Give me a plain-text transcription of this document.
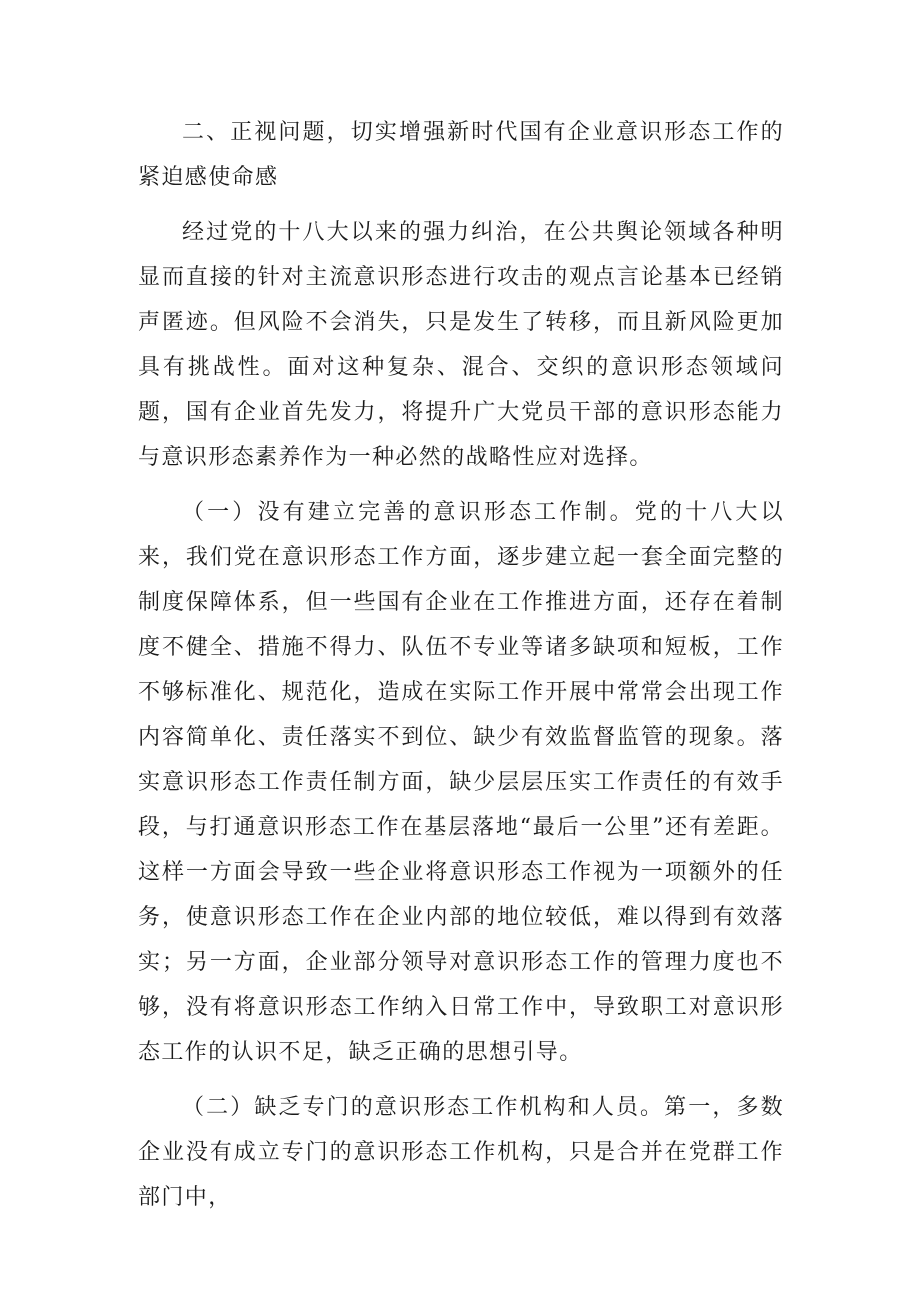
二、正视问题，切实增强新时代国有企业意识形态工作的紧迫感使命感

经过党的十八大以来的强力纠治，在公共舆论领域各种明显而直接的针对主流意识形态进行攻击的观点言论基本已经销声匿迹。但风险不会消失，只是发生了转移，而且新风险更加具有挑战性。面对这种复杂、混合、交织的意识形态领域问题，国有企业首先发力，将提升广大党员干部的意识形态能力与意识形态素养作为一种必然的战略性应对选择。

（一）没有建立完善的意识形态工作制。党的十八大以来，我们党在意识形态工作方面，逐步建立起一套全面完整的制度保障体系，但一些国有企业在工作推进方面，还存在着制度不健全、措施不得力、队伍不专业等诸多缺项和短板，工作不够标准化、规范化，造成在实际工作开展中常常会出现工作内容简单化、责任落实不到位、缺少有效监督监管的现象。落实意识形态工作责任制方面，缺少层层压实工作责任的有效手段，与打通意识形态工作在基层落地“最后一公里”还有差距。这样一方面会导致一些企业将意识形态工作视为一项额外的任务，使意识形态工作在企业内部的地位较低，难以得到有效落实；另一方面，企业部分领导对意识形态工作的管理力度也不够，没有将意识形态工作纳入日常工作中，导致职工对意识形态工作的认识不足，缺乏正确的思想引导。

（二）缺乏专门的意识形态工作机构和人员。第一，多数企业没有成立专门的意识形态工作机构，只是合并在党群工作部门中，
